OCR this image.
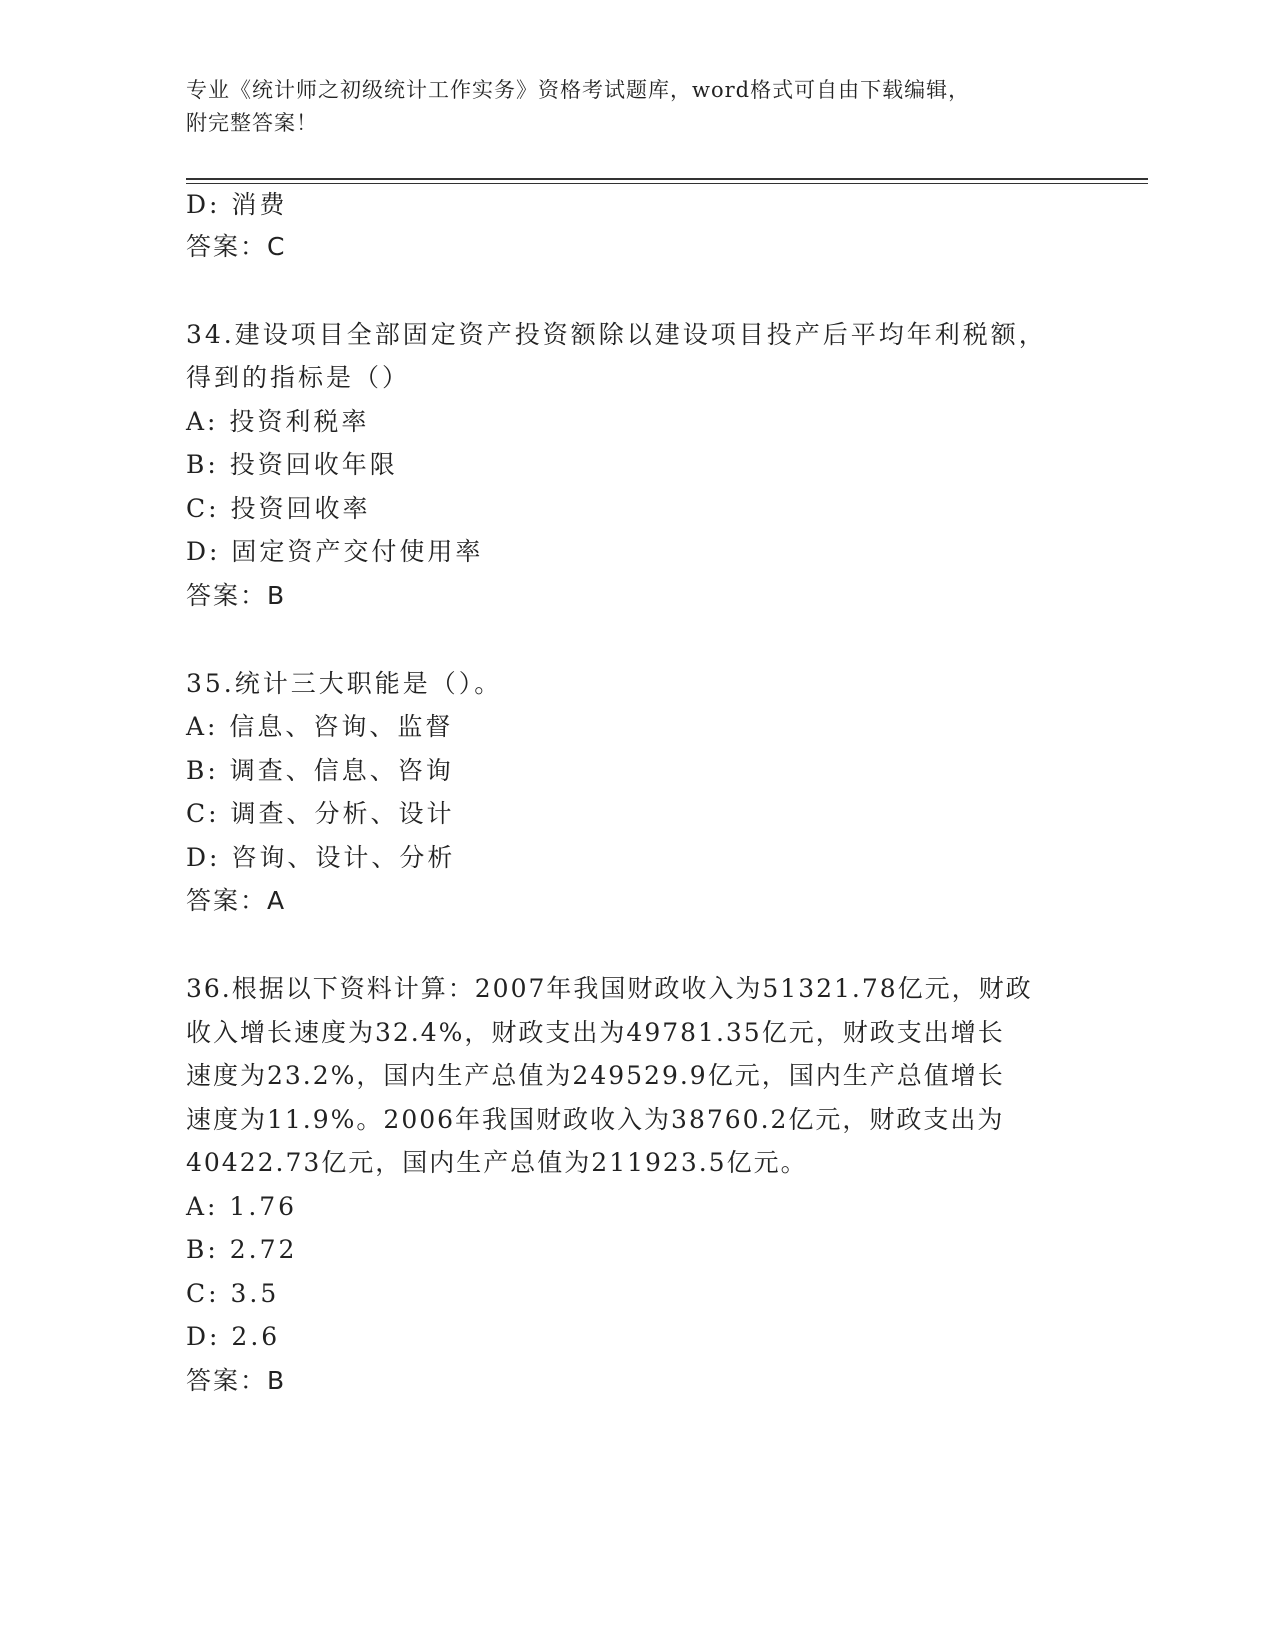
专业《统计师之初级统计工作实务》资格考试题库，word格式可自由下载编辑，
附完整答案！
D: 消费
答案：C
34.建设项目全部固定资产投资额除以建设项目投产后平均年利税额，
得到的指标是（）
A: 投资利税率
B: 投资回收年限
C: 投资回收率
D: 固定资产交付使用率
答案：B
35.统计三大职能是（）。
A: 信息、咨询、监督
B: 调查、信息、咨询
C: 调查、分析、设计
D: 咨询、设计、分析
答案：A
36.根据以下资料计算：2007年我国财政收入为51321.78亿元，财政
收入增长速度为32.4%，财政支出为49781.35亿元，财政支出增长
速度为23.2%，国内生产总值为249529.9亿元，国内生产总值增长
速度为11.9%。2006年我国财政收入为38760.2亿元，财政支出为
40422.73亿元，国内生产总值为211923.5亿元。
A: 1.76
B: 2.72
C: 3.5
D: 2.6
答案：B
